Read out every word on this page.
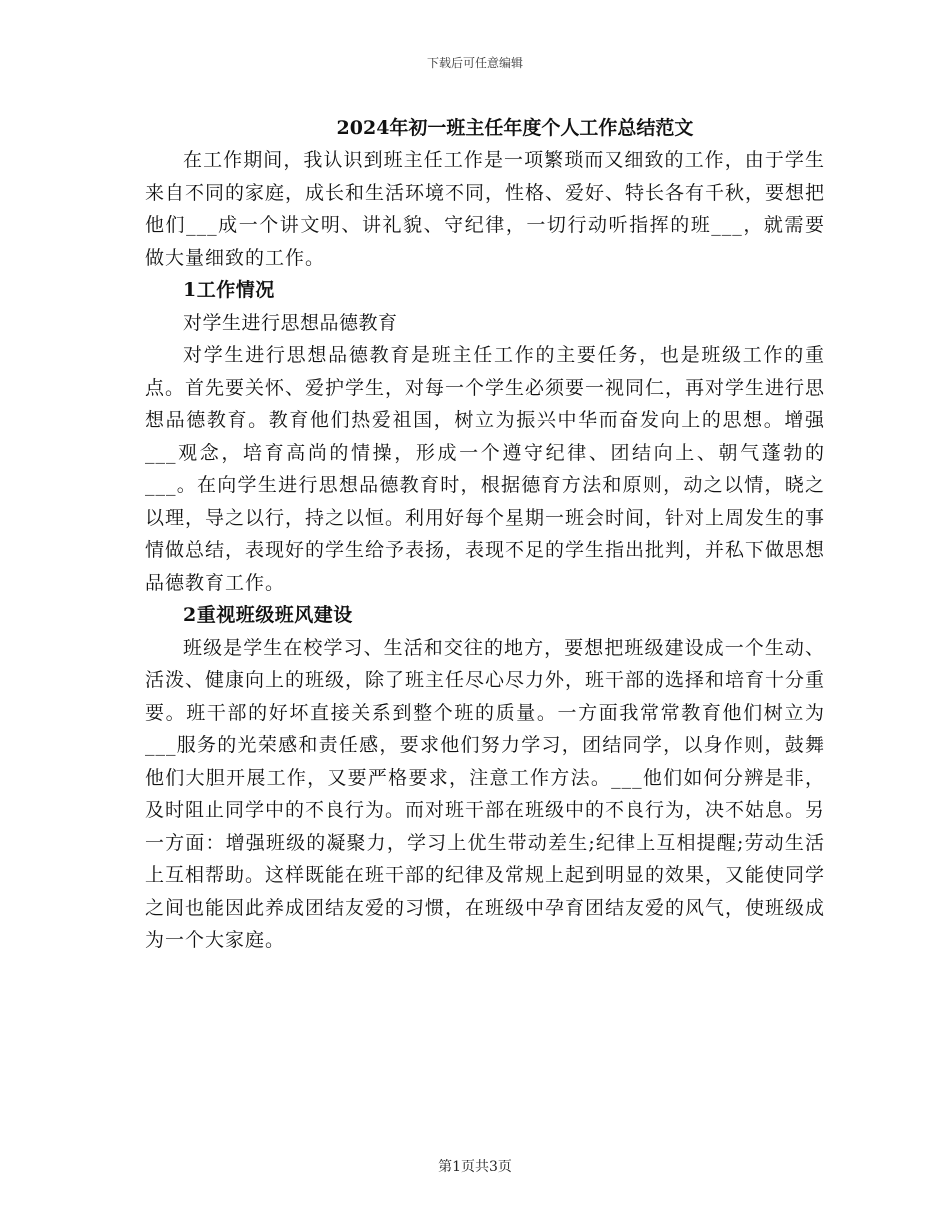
下载后可任意编辑
2024年初一班主任年度个人工作总结范文

在工作期间，我认识到班主任工作是一项繁琐而又细致的工作，由于学生来自不同的家庭，成长和生活环境不同，性格、爱好、特长各有千秋，要想把他们___成一个讲文明、讲礼貌、守纪律，一切行动听指挥的班___，就需要做大量细致的工作。

1工作情况

对学生进行思想品德教育

对学生进行思想品德教育是班主任工作的主要任务，也是班级工作的重点。首先要关怀、爱护学生，对每一个学生必须要一视同仁，再对学生进行思想品德教育。教育他们热爱祖国，树立为振兴中华而奋发向上的思想。增强___观念，培育高尚的情操，形成一个遵守纪律、团结向上、朝气蓬勃的___。在向学生进行思想品德教育时，根据德育方法和原则，动之以情，晓之以理，导之以行，持之以恒。利用好每个星期一班会时间，针对上周发生的事情做总结，表现好的学生给予表扬，表现不足的学生指出批判，并私下做思想品德教育工作。

2重视班级班风建设

班级是学生在校学习、生活和交往的地方，要想把班级建设成一个生动、活泼、健康向上的班级，除了班主任尽心尽力外，班干部的选择和培育十分重要。班干部的好坏直接关系到整个班的质量。一方面我常常教育他们树立为___服务的光荣感和责任感，要求他们努力学习，团结同学，以身作则，鼓舞他们大胆开展工作，又要严格要求，注意工作方法。___他们如何分辨是非，及时阻止同学中的不良行为。而对班干部在班级中的不良行为，决不姑息。另一方面：增强班级的凝聚力，学习上优生带动差生;纪律上互相提醒;劳动生活上互相帮助。这样既能在班干部的纪律及常规上起到明显的效果，又能使同学之间也能因此养成团结友爱的习惯，在班级中孕育团结友爱的风气，使班级成为一个大家庭。

第1页共3页
